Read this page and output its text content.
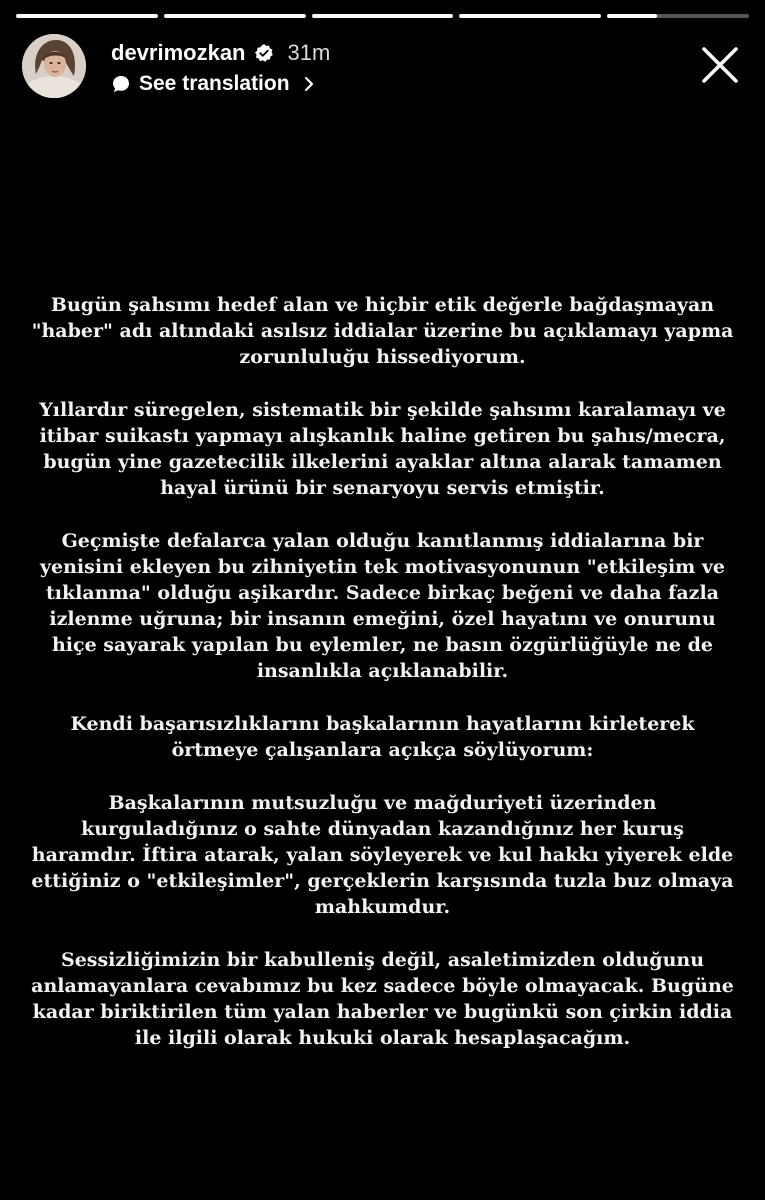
devrimozkan 31m
See translation

Bugün şahsımı hedef alan ve hiçbir etik değerle bağdaşmayan "haber" adı altındaki asılsız iddialar üzerine bu açıklamayı yapma zorunluluğu hissediyorum.

Yıllardır süregelen, sistematik bir şekilde şahsımı karalamayı ve itibar suikastı yapmayı alışkanlık haline getiren bu şahıs/mecra, bugün yine gazetecilik ilkelerini ayaklar altına alarak tamamen hayal ürünü bir senaryoyu servis etmiştir.

Geçmişte defalarca yalan olduğu kanıtlanmış iddialarına bir yenisini ekleyen bu zihniyetin tek motivasyonunun "etkileşim ve tıklanma" olduğu aşikardır. Sadece birkaç beğeni ve daha fazla izlenme uğruna; bir insanın emeğini, özel hayatını ve onurunu hiçe sayarak yapılan bu eylemler, ne basın özgürlüğüyle ne de insanlıkla açıklanabilir.

Kendi başarısızlıklarını başkalarının hayatlarını kirleterek örtmeye çalışanlara açıkça söylüyorum:

Başkalarının mutsuzluğu ve mağduriyeti üzerinden kurguladığınız o sahte dünyadan kazandığınız her kuruş haramdır. İftira atarak, yalan söyleyerek ve kul hakkı yiyerek elde ettiğiniz o "etkileşimler", gerçeklerin karşısında tuzla buz olmaya mahkumdur.

Sessizliğimizin bir kabulleniş değil, asaletimizden olduğunu anlamayanlara cevabımız bu kez sadece böyle olmayacak. Bugüne kadar biriktirilen tüm yalan haberler ve bugünkü son çirkin iddia ile ilgili olarak hukuki olarak hesaplaşacağım.
